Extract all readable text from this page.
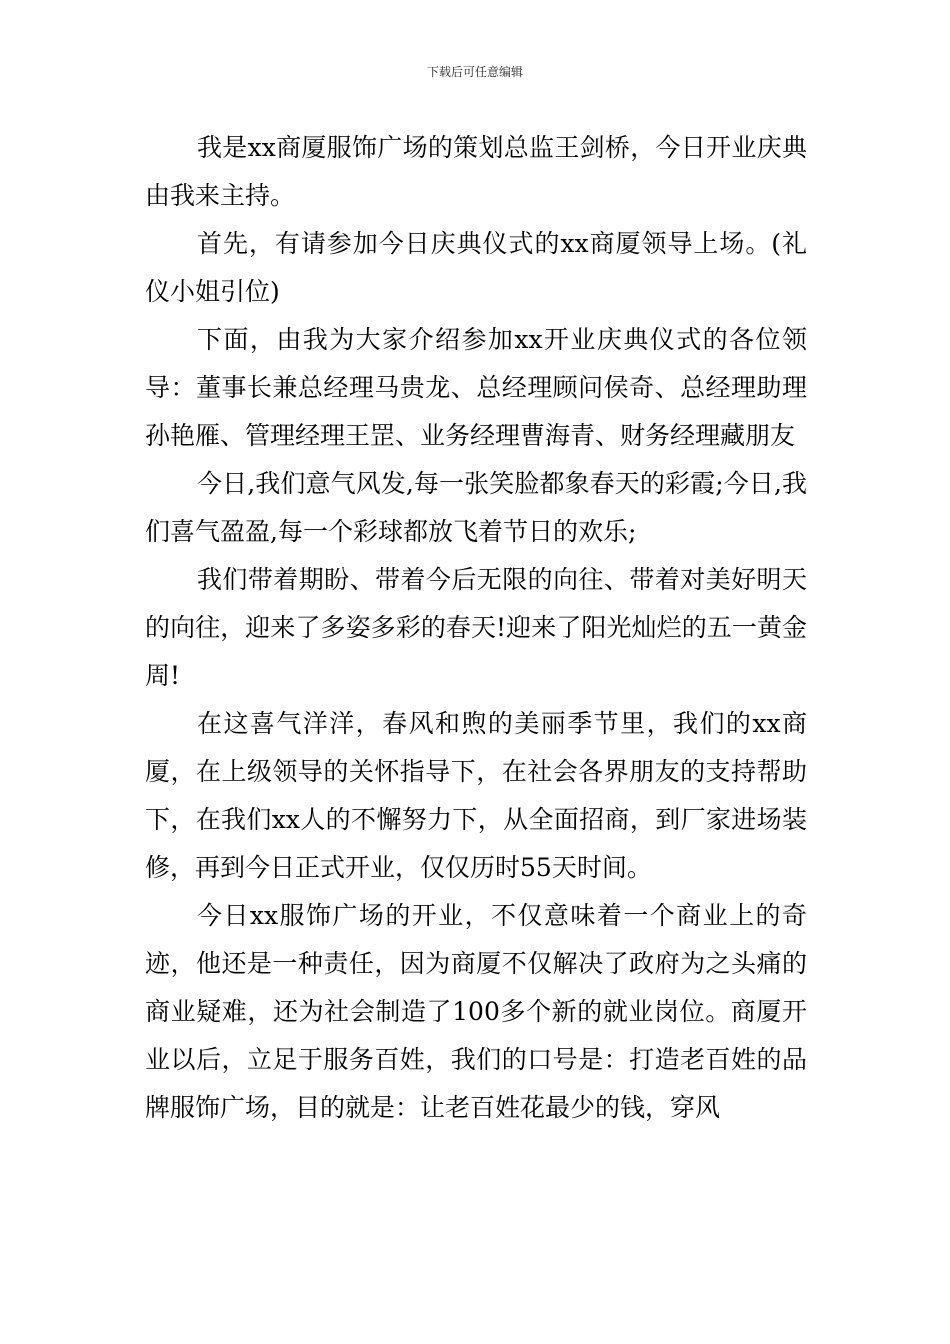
下载后可任意编辑

我是xx商厦服饰广场的策划总监王剑桥，今日开业庆典由我来主持。

首先，有请参加今日庆典仪式的xx商厦领导上场。(礼仪小姐引位)

下面，由我为大家介绍参加xx开业庆典仪式的各位领导：董事长兼总经理马贵龙、总经理顾问侯奇、总经理助理孙艳雁、管理经理王罡、业务经理曹海青、财务经理藏朋友

今日,我们意气风发,每一张笑脸都象春天的彩霞;今日,我们喜气盈盈,每一个彩球都放飞着节日的欢乐;

我们带着期盼、带着今后无限的向往、带着对美好明天的向往，迎来了多姿多彩的春天!迎来了阳光灿烂的五一黄金周!

在这喜气洋洋，春风和煦的美丽季节里，我们的xx商厦，在上级领导的关怀指导下，在社会各界朋友的支持帮助下，在我们xx人的不懈努力下，从全面招商，到厂家进场装修，再到今日正式开业，仅仅历时55天时间。

今日xx服饰广场的开业，不仅意味着一个商业上的奇迹，他还是一种责任，因为商厦不仅解决了政府为之头痛的商业疑难，还为社会制造了100多个新的就业岗位。商厦开业以后，立足于服务百姓，我们的口号是：打造老百姓的品牌服饰广场，目的就是：让老百姓花最少的钱，穿风
